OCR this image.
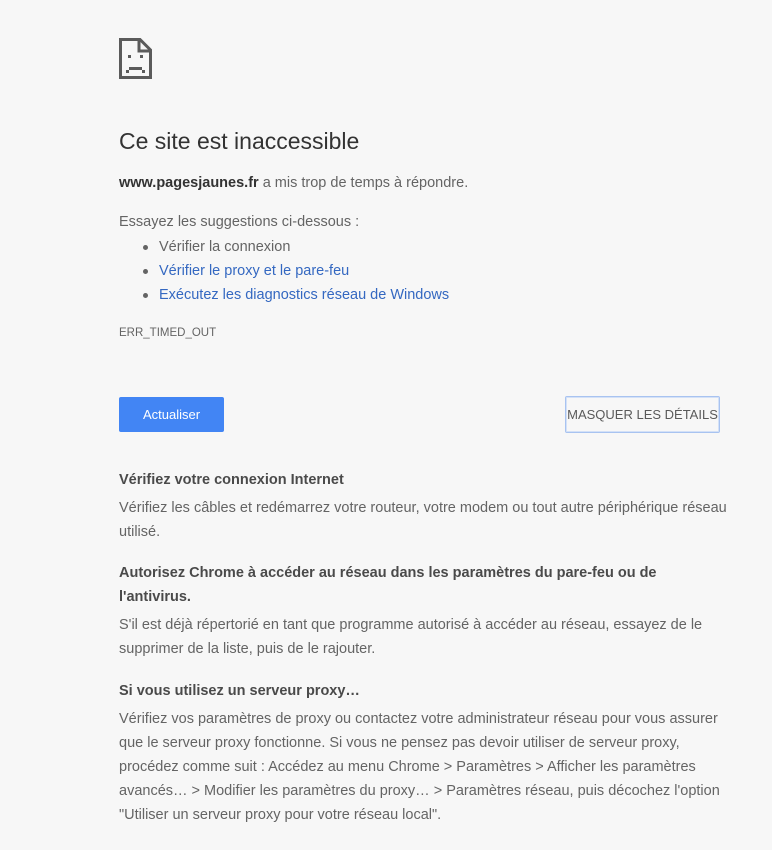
Ce site est inaccessible
www.pagesjaunes.fr a mis trop de temps à répondre.
Essayez les suggestions ci-dessous :
Vérifier la connexion
Vérifier le proxy et le pare-feu
Exécutez les diagnostics réseau de Windows
ERR_TIMED_OUT
Actualiser	MASQUER LES DÉTAILS

Vérifiez votre connexion Internet

Vérifiez les câbles et redémarrez votre routeur, votre modem ou tout autre périphérique réseau utilisé.

Autorisez Chrome à accéder au réseau dans les paramètres du pare-feu ou de l'antivirus.

S'il est déjà répertorié en tant que programme autorisé à accéder au réseau, essayez de le supprimer de la liste, puis de le rajouter.

Si vous utilisez un serveur proxy…

Vérifiez vos paramètres de proxy ou contactez votre administrateur réseau pour vous assurer que le serveur proxy fonctionne. Si vous ne pensez pas devoir utiliser de serveur proxy, procédez comme suit : Accédez au menu Chrome > Paramètres > Afficher les paramètres avancés… > Modifier les paramètres du proxy… > Paramètres réseau, puis décochez l'option "Utiliser un serveur proxy pour votre réseau local".
